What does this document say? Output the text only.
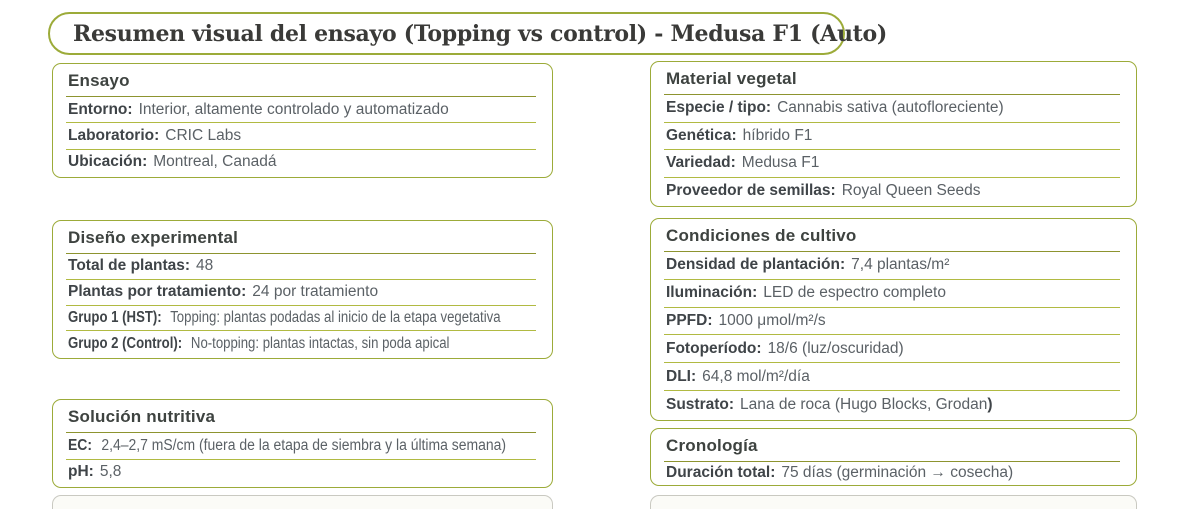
Resumen visual del ensayo (Topping vs control) - Medusa F1 (Auto)
Ensayo
Entorno: Interior, altamente controlado y automatizado
Laboratorio: CRIC Labs
Ubicación: Montreal, Canadá
Diseño experimental
Total de plantas: 48
Plantas por tratamiento: 24 por tratamiento
Grupo 1 (HST): Topping: plantas podadas al inicio de la etapa vegetativa
Grupo 2 (Control): No-topping: plantas intactas, sin poda apical
Solución nutritiva
EC: 2,4–2,7 mS/cm (fuera de la etapa de siembra y la última semana)
pH: 5,8
Material vegetal
Especie / tipo: Cannabis sativa (autofloreciente)
Genética: híbrido F1
Variedad: Medusa F1
Proveedor de semillas: Royal Queen Seeds
Condiciones de cultivo
Densidad de plantación: 7,4 plantas/m²
Iluminación: LED de espectro completo
PPFD: 1000 μmol/m²/s
Fotoperíodo: 18/6 (luz/oscuridad)
DLI: 64,8 mol/m²/día
Sustrato: Lana de roca (Hugo Blocks, Grodan )
Cronología
Duración total: 75 días (germinación → cosecha)
